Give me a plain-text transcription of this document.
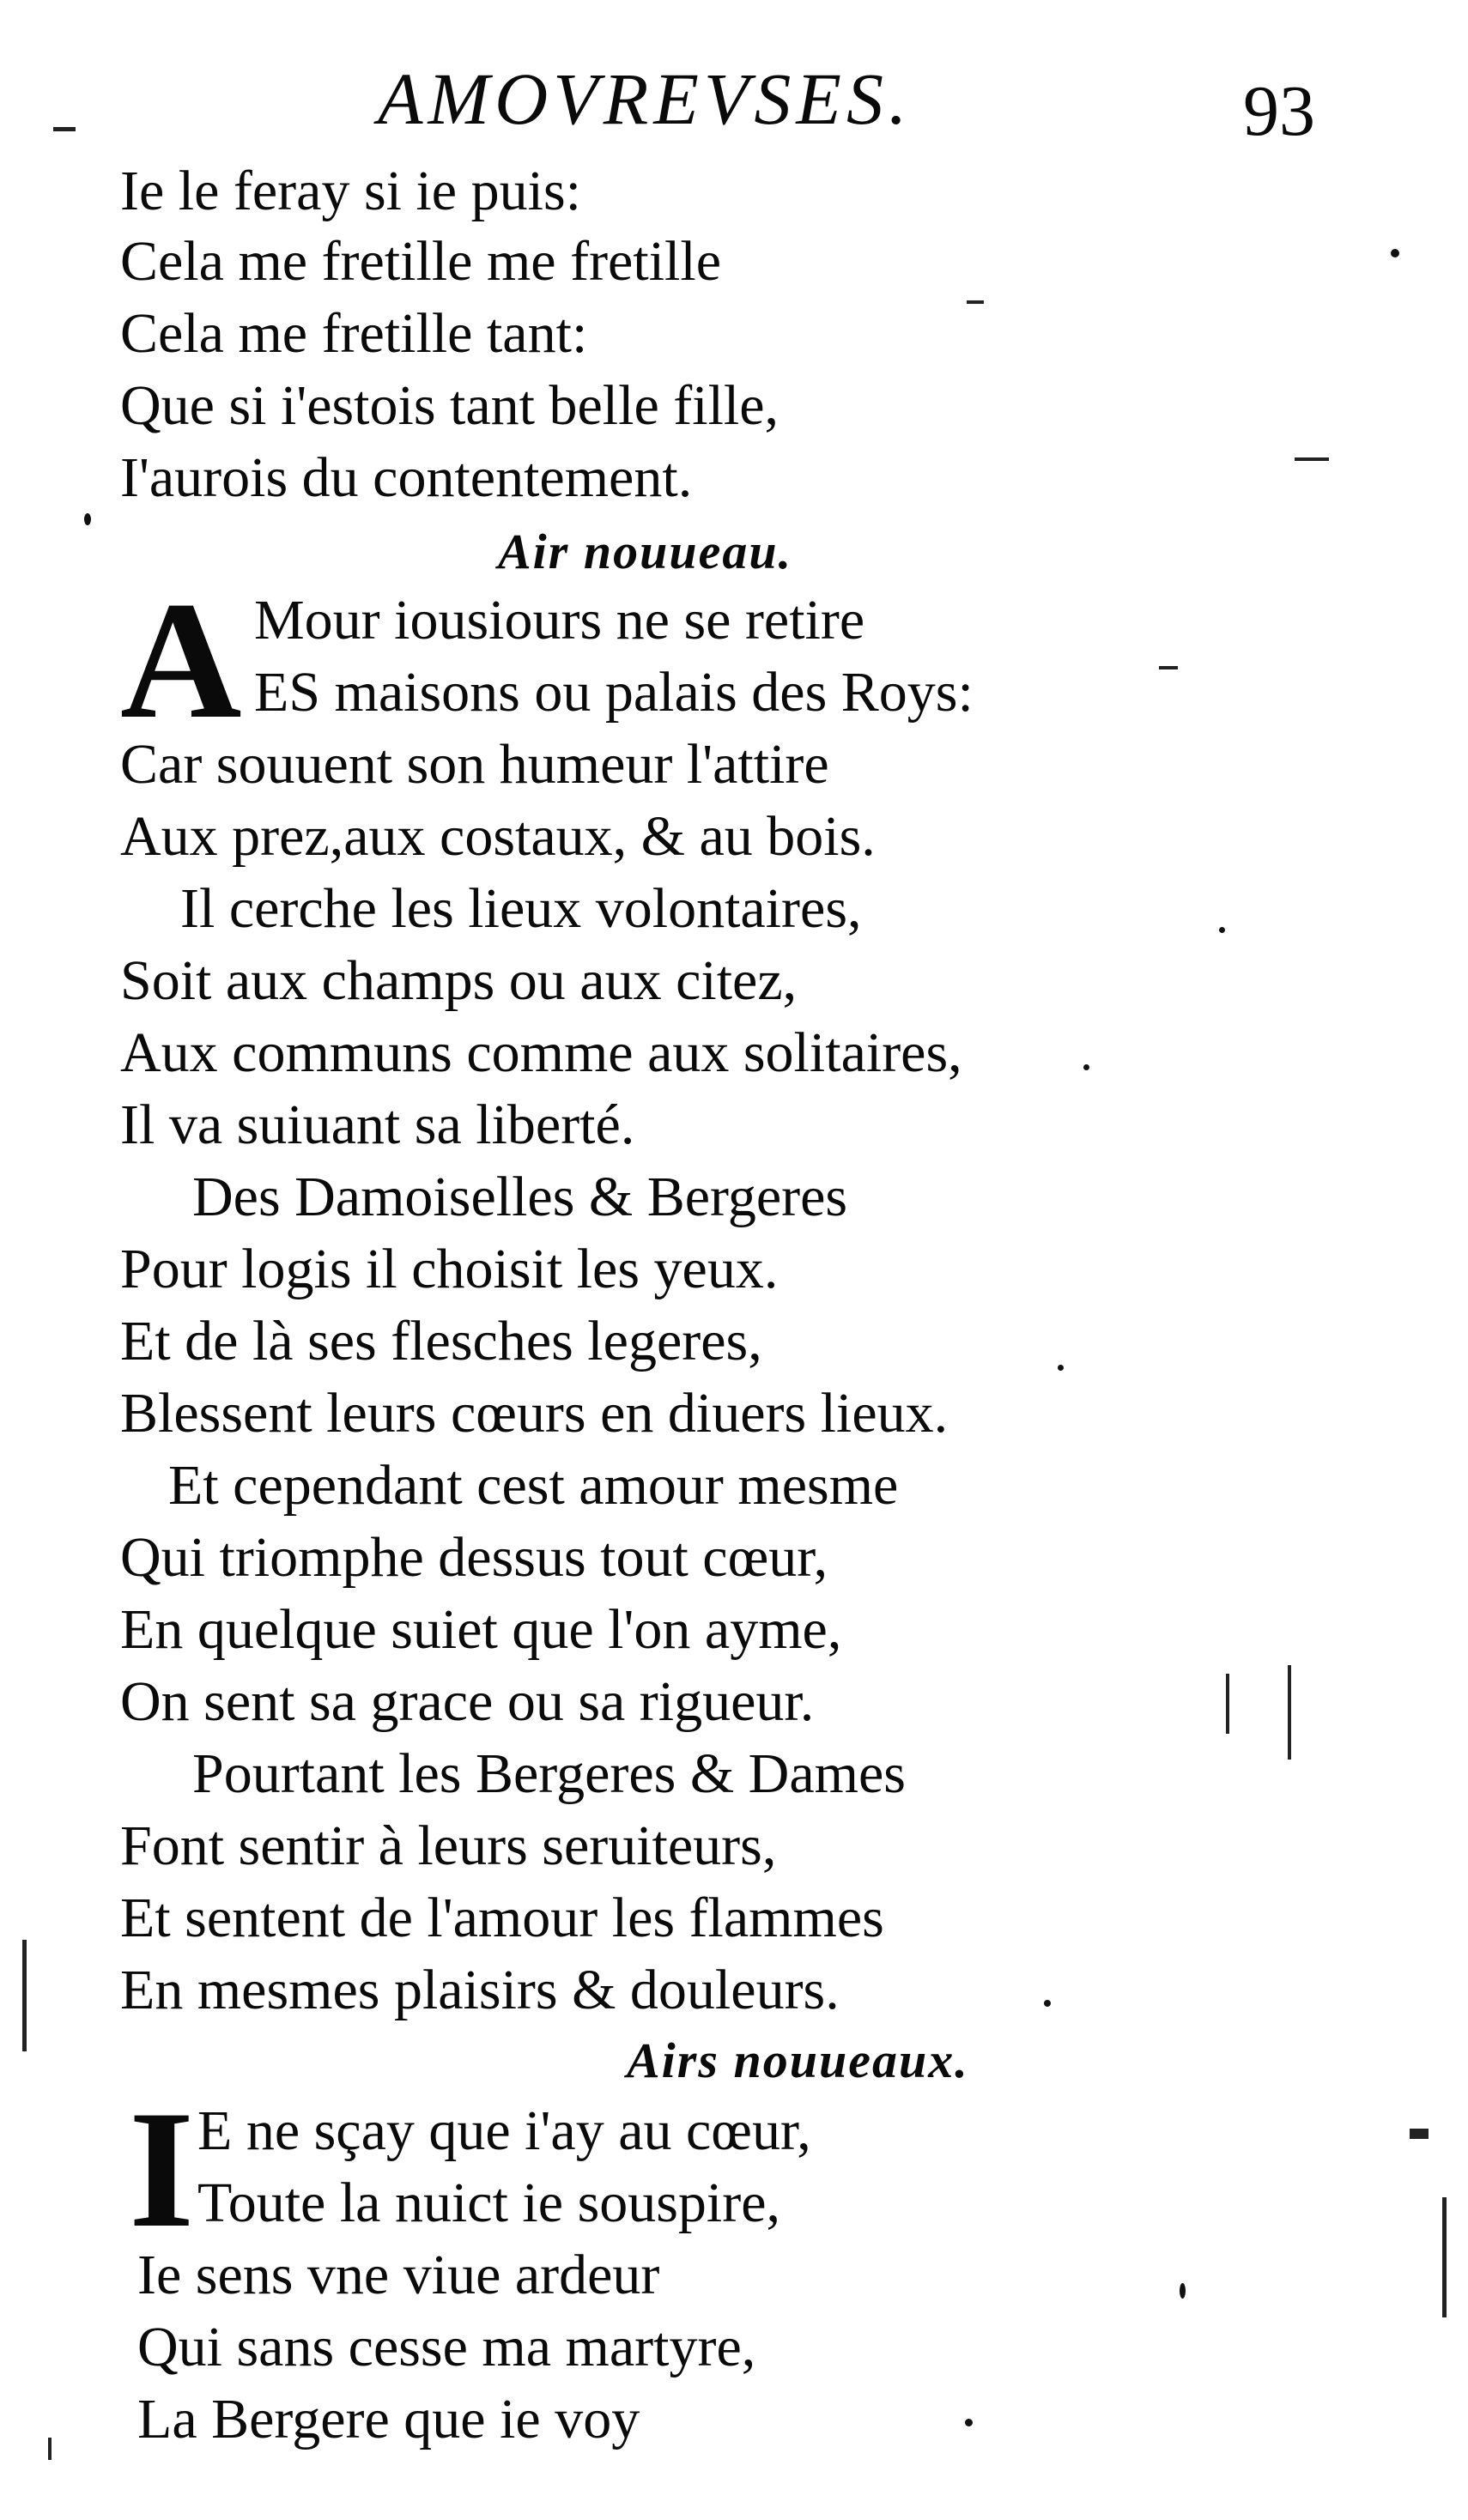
AMOVREVSES.	93
Ie le feray si ie puis:
Cela me fretille me fretille
Cela me fretille tant:
Que si i'estois tant belle fille,
I'aurois du contentement.
Air nouueau.
A Mour iousiours ne se retire
ES maisons ou palais des Roys:
Car souuent son humeur l'attire
Aux prez,aux costaux, & au bois.
Il cerche les lieux volontaires,
Soit aux champs ou aux citez,
Aux communs comme aux solitaires,
Il va suiuant sa liberté.
Des Damoiselles & Bergeres
Pour logis il choisit les yeux.
Et de là ses flesches legeres,
Blessent leurs cœurs en diuers lieux.
Et cependant cest amour mesme
Qui triomphe dessus tout cœur,
En quelque suiet que l'on ayme,
On sent sa grace ou sa rigueur.
Pourtant les Bergeres & Dames
Font sentir à leurs seruiteurs,
Et sentent de l'amour les flammes
En mesmes plaisirs & douleurs.
Airs nouueaux.
I E ne sçay que i'ay au cœur,
Toute la nuict ie souspire,
Ie sens vne viue ardeur
Qui sans cesse ma martyre,
La Bergere que ie voy
